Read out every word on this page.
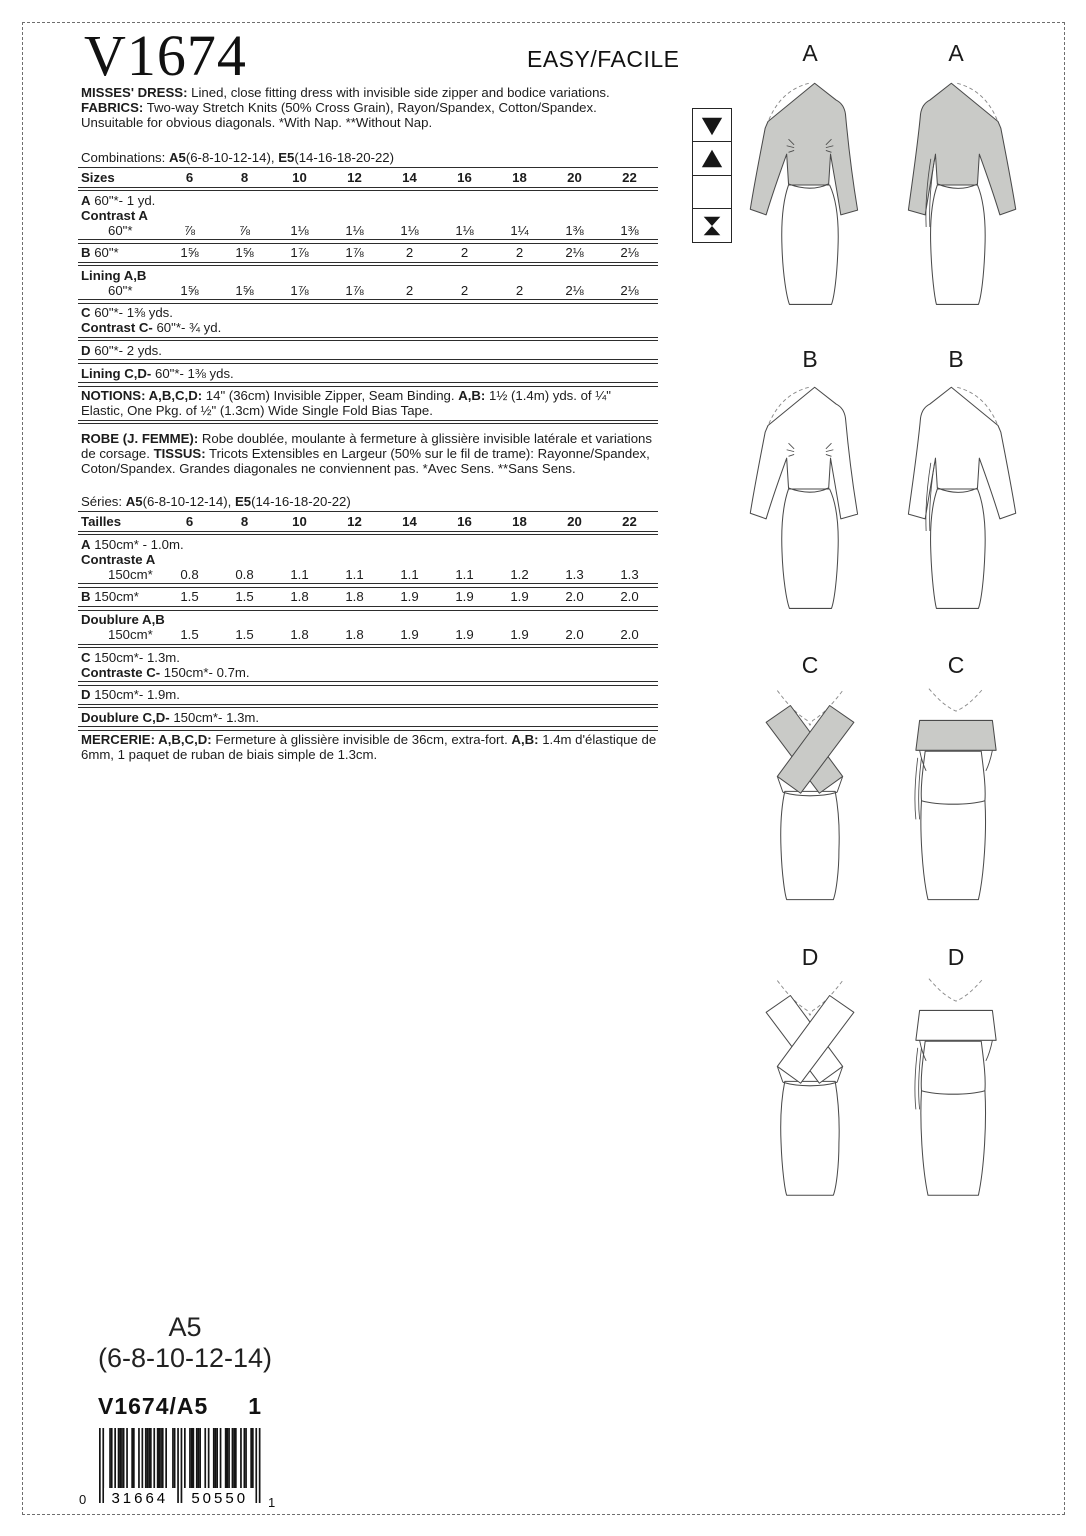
V1674	EASY/FACILE

MISSES' DRESS: Lined, close fitting dress with invisible side zipper and bodice variations. FABRICS: Two-way Stretch Knits (50% Cross Grain), Rayon/Spandex, Cotton/Spandex. Unsuitable for obvious diagonals. *With Nap. **Without Nap.

Combinations: A5(6-8-10-12-14), E5(14-16-18-20-22)

Sizes	6	8	10	12	14	16	18	20	22
A 60"*- 1 yd.
Contrast A
60"*	⅞	⅞	1⅛	1⅛	1⅛	1⅛	1¼	1⅜	1⅜
B 60"*	1⅝	1⅝	1⅞	1⅞	2	2	2	2⅛	2⅛
Lining A,B
60"*	1⅝	1⅝	1⅞	1⅞	2	2	2	2⅛	2⅛
C 60"*- 1⅜ yds.
Contrast C- 60"*- ¾ yd.
D 60"*- 2 yds.
Lining C,D- 60"*- 1⅜ yds.
NOTIONS: A,B,C,D: 14" (36cm) Invisible Zipper, Seam Binding. A,B: 1½ (1.4m) yds. of ¼" Elastic, One Pkg. of ½" (1.3cm) Wide Single Fold Bias Tape.

ROBE (J. FEMME): Robe doublée, moulante à fermeture à glissière invisible latérale et variations de corsage. TISSUS: Tricots Extensibles en Largeur (50% sur le fil de trame): Rayonne/Spandex, Coton/Spandex. Grandes diagonales ne conviennent pas. *Avec Sens. **Sans Sens.

Séries: A5(6-8-10-12-14), E5(14-16-18-20-22)

Tailles	6	8	10	12	14	16	18	20	22
A 150cm* - 1.0m.
Contraste A
150cm*	0.8	0.8	1.1	1.1	1.1	1.1	1.2	1.3	1.3
B 150cm*	1.5	1.5	1.8	1.8	1.9	1.9	1.9	2.0	2.0
Doublure A,B
150cm*	1.5	1.5	1.8	1.8	1.9	1.9	1.9	2.0	2.0
C 150cm*- 1.3m.
Contraste C- 150cm*- 0.7m.
D 150cm*- 1.9m.
Doublure C,D- 150cm*- 1.3m.
MERCERIE: A,B,C,D: Fermeture à glissière invisible de 36cm, extra-fort. A,B: 1.4m d'élastique de 6mm, 1 paquet de ruban de biais simple de 1.3cm.
A	A
B	B
C	C
D	D
A5
(6-8-10-12-14)
V1674/A5 1
31664 50550
0	1
